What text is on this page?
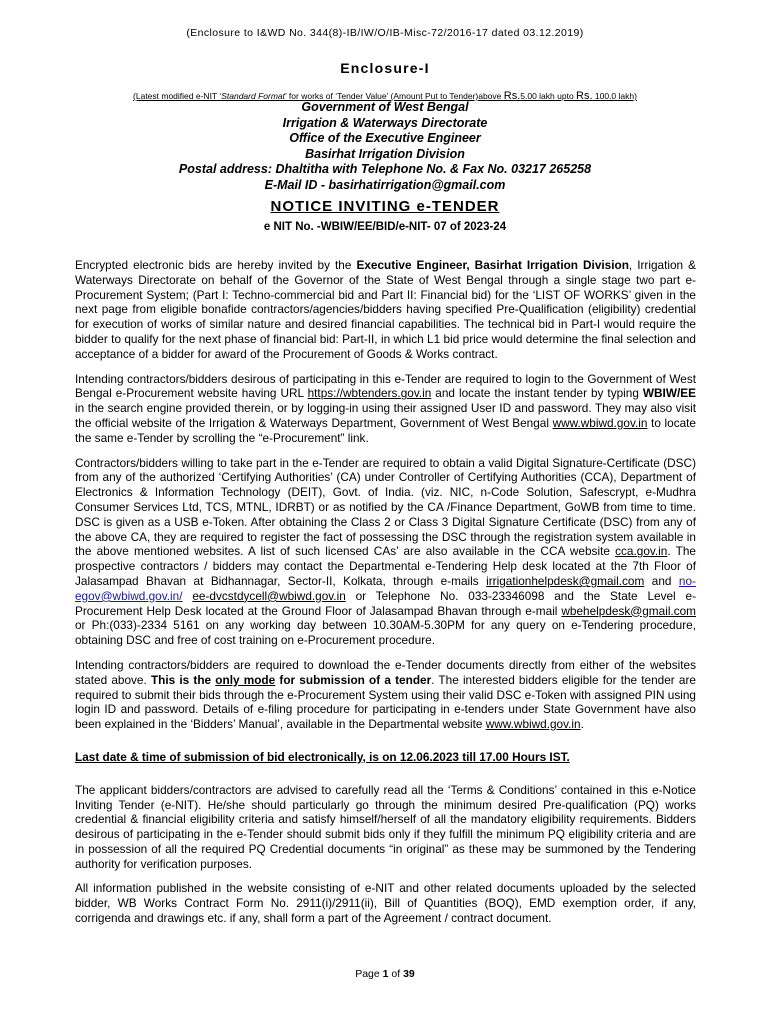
(Enclosure to I&WD No. 344(8)-IB/IW/O/IB-Misc-72/2016-17 dated 03.12.2019)
Enclosure-I
(Latest modified e-NIT ‘Standard Format’ for works of ‘Tender Value’ (Amount Put to Tender)above Rs.5.00 lakh upto Rs. 100.0 lakh)
Government of West Bengal
Irrigation & Waterways Directorate
Office of the Executive Engineer
Basirhat Irrigation Division
Postal address: Dhaltitha with Telephone No. & Fax No. 03217 265258
E-Mail ID - basirhatirrigation@gmail.com
NOTICE INVITING e-TENDER
e NIT No. -WBIW/EE/BID/e-NIT- 07 of 2023-24

Encrypted electronic bids are hereby invited by the Executive Engineer, Basirhat Irrigation Division, Irrigation & Waterways Directorate on behalf of the Governor of the State of West Bengal through a single stage two part e-Procurement System; (Part I: Techno-commercial bid and Part II: Financial bid) for the ‘LIST OF WORKS’ given in the next page from eligible bonafide contractors/agencies/bidders having specified Pre-Qualification (eligibility) credential for execution of works of similar nature and desired financial capabilities. The technical bid in Part-I would require the bidder to qualify for the next phase of financial bid: Part-II, in which L1 bid price would determine the final selection and acceptance of a bidder for award of the Procurement of Goods & Works contract.

Intending contractors/bidders desirous of participating in this e-Tender are required to login to the Government of West Bengal e-Procurement website having URL https://wbtenders.gov.in and locate the instant tender by typing WBIW/EE in the search engine provided therein, or by logging-in using their assigned User ID and password. They may also visit the official website of the Irrigation & Waterways Department, Government of West Bengal www.wbiwd.gov.in to locate the same e-Tender by scrolling the “e-Procurement” link.

Contractors/bidders willing to take part in the e-Tender are required to obtain a valid Digital Signature-Certificate (DSC) from any of the authorized ‘Certifying Authorities’ (CA) under Controller of Certifying Authorities (CCA), Department of Electronics & Information Technology (DEIT), Govt. of India. (viz. NIC, n-Code Solution, Safescrypt, e-Mudhra Consumer Services Ltd, TCS, MTNL, IDRBT) or as notified by the CA /Finance Department, GoWB from time to time. DSC is given as a USB e-Token. After obtaining the Class 2 or Class 3 Digital Signature Certificate (DSC) from any of the above CA, they are required to register the fact of possessing the DSC through the registration system available in the above mentioned websites. A list of such licensed CAs’ are also available in the CCA website cca.gov.in. The prospective contractors / bidders may contact the Departmental e-Tendering Help desk located at the 7th Floor of Jalasampad Bhavan at Bidhannagar, Sector-II, Kolkata, through e-mails irrigationhelpdesk@gmail.com and no-egov@wbiwd.gov.in/ ee-dvcstdycell@wbiwd.gov.in or Telephone No. 033-23346098 and the State Level e-Procurement Help Desk located at the Ground Floor of Jalasampad Bhavan through e-mail wbehelpdesk@gmail.com or Ph:(033)-2334 5161 on any working day between 10.30AM-5.30PM for any query on e-Tendering procedure, obtaining DSC and free of cost training on e-Procurement procedure.

Intending contractors/bidders are required to download the e-Tender documents directly from either of the websites stated above. This is the only mode for submission of a tender. The interested bidders eligible for the tender are required to submit their bids through the e-Procurement System using their valid DSC e-Token with assigned PIN using login ID and password. Details of e-filing procedure for participating in e-tenders under State Government have also been explained in the ‘Bidders’ Manual’, available in the Departmental website www.wbiwd.gov.in.

Last date & time of submission of bid electronically, is on 12.06.2023 till 17.00 Hours IST.

The applicant bidders/contractors are advised to carefully read all the ‘Terms & Conditions’ contained in this e-Notice Inviting Tender (e-NIT). He/she should particularly go through the minimum desired Pre-qualification (PQ) works credential & financial eligibility criteria and satisfy himself/herself of all the mandatory eligibility requirements. Bidders desirous of participating in the e-Tender should submit bids only if they fulfill the minimum PQ eligibility criteria and are in possession of all the required PQ Credential documents “in original” as these may be summoned by the Tendering authority for verification purposes.

All information published in the website consisting of e-NIT and other related documents uploaded by the selected bidder, WB Works Contract Form No. 2911(i)/2911(ii), Bill of Quantities (BOQ), EMD exemption order, if any, corrigenda and drawings etc. if any, shall form a part of the Agreement / contract document.

Page 1 of 39
